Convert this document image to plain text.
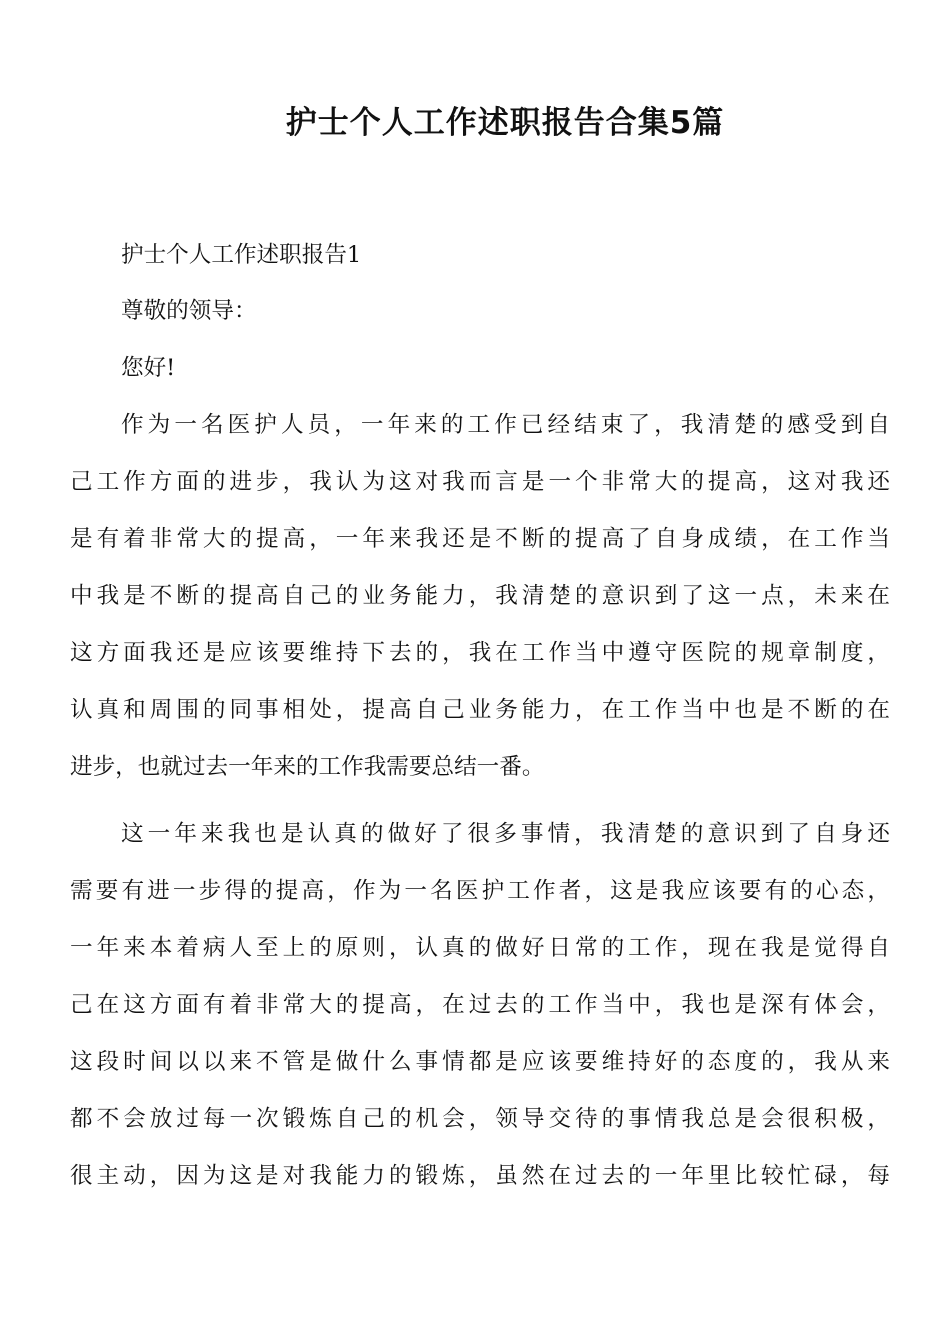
护士个人工作述职报告合集5篇
护士个人工作述职报告1
尊敬的领导：
您好!
作为一名医护人员，一年来的工作已经结束了，我清楚的感受到自
己工作方面的进步，我认为这对我而言是一个非常大的提高，这对我还
是有着非常大的提高，一年来我还是不断的提高了自身成绩，在工作当
中我是不断的提高自己的业务能力，我清楚的意识到了这一点，未来在
这方面我还是应该要维持下去的，我在工作当中遵守医院的规章制度，
认真和周围的同事相处，提高自己业务能力，在工作当中也是不断的在
进步，也就过去一年来的工作我需要总结一番。
这一年来我也是认真的做好了很多事情，我清楚的意识到了自身还
需要有进一步得的提高，作为一名医护工作者，这是我应该要有的心态，
一年来本着病人至上的原则，认真的做好日常的工作，现在我是觉得自
己在这方面有着非常大的提高，在过去的工作当中，我也是深有体会，
这段时间以以来不管是做什么事情都是应该要维持好的态度的，我从来
都不会放过每一次锻炼自己的机会，领导交待的事情我总是会很积极，
很主动，因为这是对我能力的锻炼，虽然在过去的一年里比较忙碌，每
